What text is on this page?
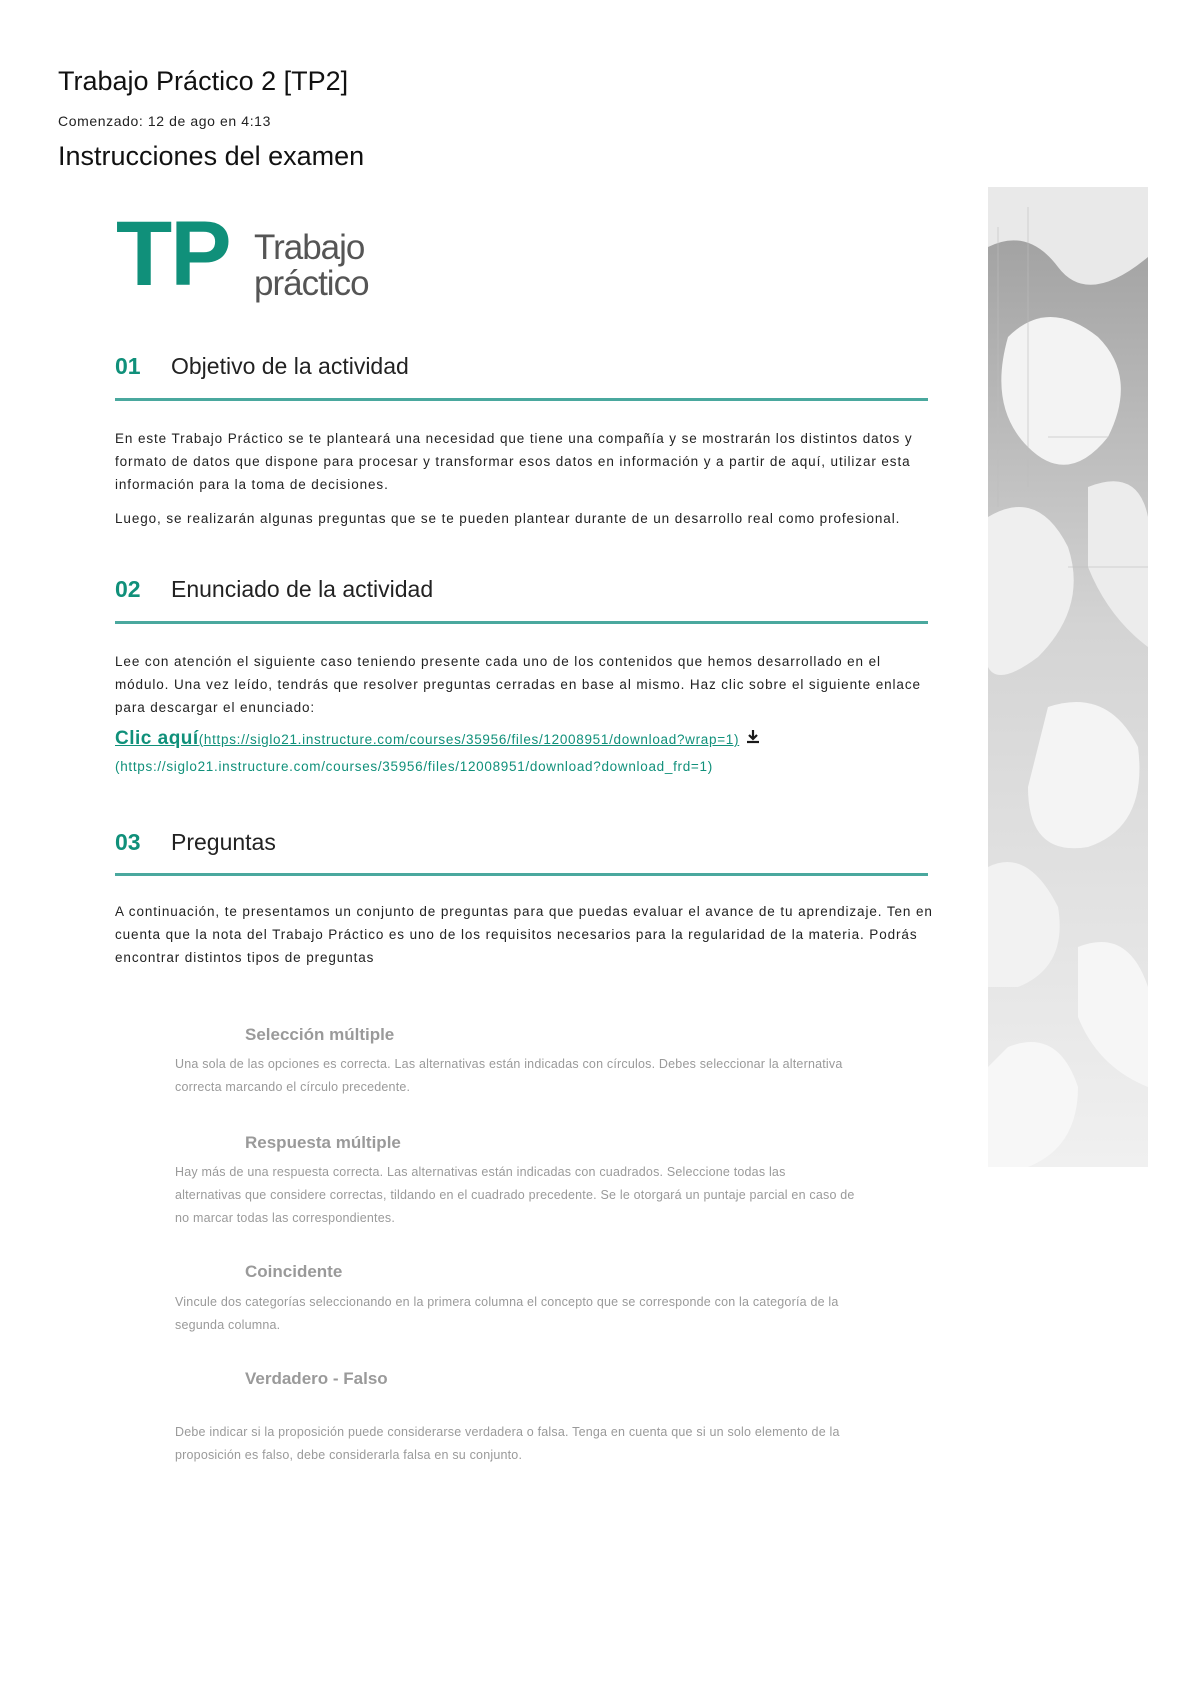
Trabajo Práctico 2 [TP2]
Comenzado: 12 de ago en 4:13
Instrucciones del examen
TP Trabajo
práctico
01 Objetivo de la actividad
En este Trabajo Práctico se te planteará una necesidad que tiene una compañía y se mostrarán los distintos datos y formato de datos que dispone para procesar y transformar esos datos en información y a partir de aquí, utilizar esta información para la toma de decisiones.
Luego, se realizarán algunas preguntas que se te pueden plantear durante de un desarrollo real como profesional.
02 Enunciado de la actividad
Lee con atención el siguiente caso teniendo presente cada uno de los contenidos que hemos desarrollado en el módulo. Una vez leído, tendrás que resolver preguntas cerradas en base al mismo. Haz clic sobre el siguiente enlace para descargar el enunciado:
Clic aquí(https://siglo21.instructure.com/courses/35956/files/12008951/download?wrap=1)
(https://siglo21.instructure.com/courses/35956/files/12008951/download?download_frd=1)
03 Preguntas
A continuación, te presentamos un conjunto de preguntas para que puedas evaluar el avance de tu aprendizaje. Ten en cuenta que la nota del Trabajo Práctico es uno de los requisitos necesarios para la regularidad de la materia. Podrás encontrar distintos tipos de preguntas
Selección múltiple
Una sola de las opciones es correcta. Las alternativas están indicadas con círculos. Debes seleccionar la alternativa correcta marcando el círculo precedente.
Respuesta múltiple
Hay más de una respuesta correcta. Las alternativas están indicadas con cuadrados. Seleccione todas las alternativas que considere correctas, tildando en el cuadrado precedente. Se le otorgará un puntaje parcial en caso de no marcar todas las correspondientes.
Coincidente
Vincule dos categorías seleccionando en la primera columna el concepto que se corresponde con la categoría de la segunda columna.
Verdadero - Falso
Debe indicar si la proposición puede considerarse verdadera o falsa. Tenga en cuenta que si un solo elemento de la proposición es falso, debe considerarla falsa en su conjunto.
